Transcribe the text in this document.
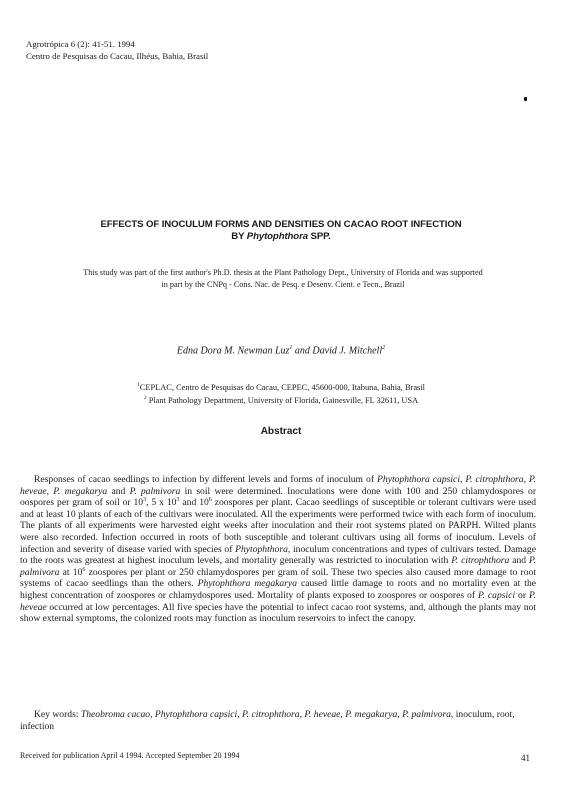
Agrotrópica 6 (2): 41-51. 1994
Centro de Pesquisas do Cacau, Ilhéus, Bahia, Brasil
EFFECTS OF INOCULUM FORMS AND DENSITIES ON CACAO ROOT INFECTION
BY Phytophthora SPP.
This study was part of the first author's Ph.D. thesis at the Plant Pathology Dept., University of Florida and was supported
in part by the CNPq - Cons. Nac. de Pesq. e Desenv. Cient. e Tecn., Brazil
Edna Dora M. Newman Luz$^1$ and David J. Mitchell$^2$
$^1$CEPLAC, Centro de Pesquisas do Cacau, CEPEC, 45600-000, Itabuna, Bahia, Brasil
$^2$ Plant Pathology Department, University of Florida, Gainesville, FL 32611, USA
Abstract

Responses of cacao seedlings to infection by different levels and forms of inoculum of Phytophthora capsici, P. citrophthora, P. heveae, P. megakarya and P. palmivora in soil were determined. Inoculations were done with 100 and 250 chlamydospores or oospores per gram of soil or $10^3$, 5 x $10^3$ and $10^6$ zoospores per plant. Cacao seedlings of susceptible or tolerant cultivars were used and at least 10 plants of each of the cultivars were inoculated. All the experiments were performed twice with each form of inoculum. The plants of all experiments were harvested eight weeks after inoculation and their root systems plated on PARPH. Wilted plants were also recorded. Infection occurred in roots of both susceptible and tolerant cultivars using all forms of inoculum. Levels of infection and severity of disease varied with species of Phytophthora, inoculum concentrations and types of cultivars tested. Damage to the roots was greatest at highest inoculum levels, and mortality generally was restricted to inoculation with P. citrophthora and P. palmivora at $10^6$ zoospores per plant or 250 chlamydospores per gram of soil. These two species also caused more damage to root systems of cacao seedlings than the others. Phytophthora megakarya caused little damage to roots and no mortality even at the highest concentration of zoospores or chlamydospores used. Mortality of plants exposed to zoospores or oospores of P. capsici or P. heveae occurred at low percentages. All five species have the potential to infect cacao root systems, and, although the plants may not show external symptoms, the colonized roots may function as inoculum reservoirs to infect the canopy.

Key words: Theobroma cacao, Phytophthora capsici, P. citrophthora, P. heveae, P. megakarya, P. palmivora, inoculum, root, infection

Received for publication April 4 1994. Accepted September 20 1994	41
